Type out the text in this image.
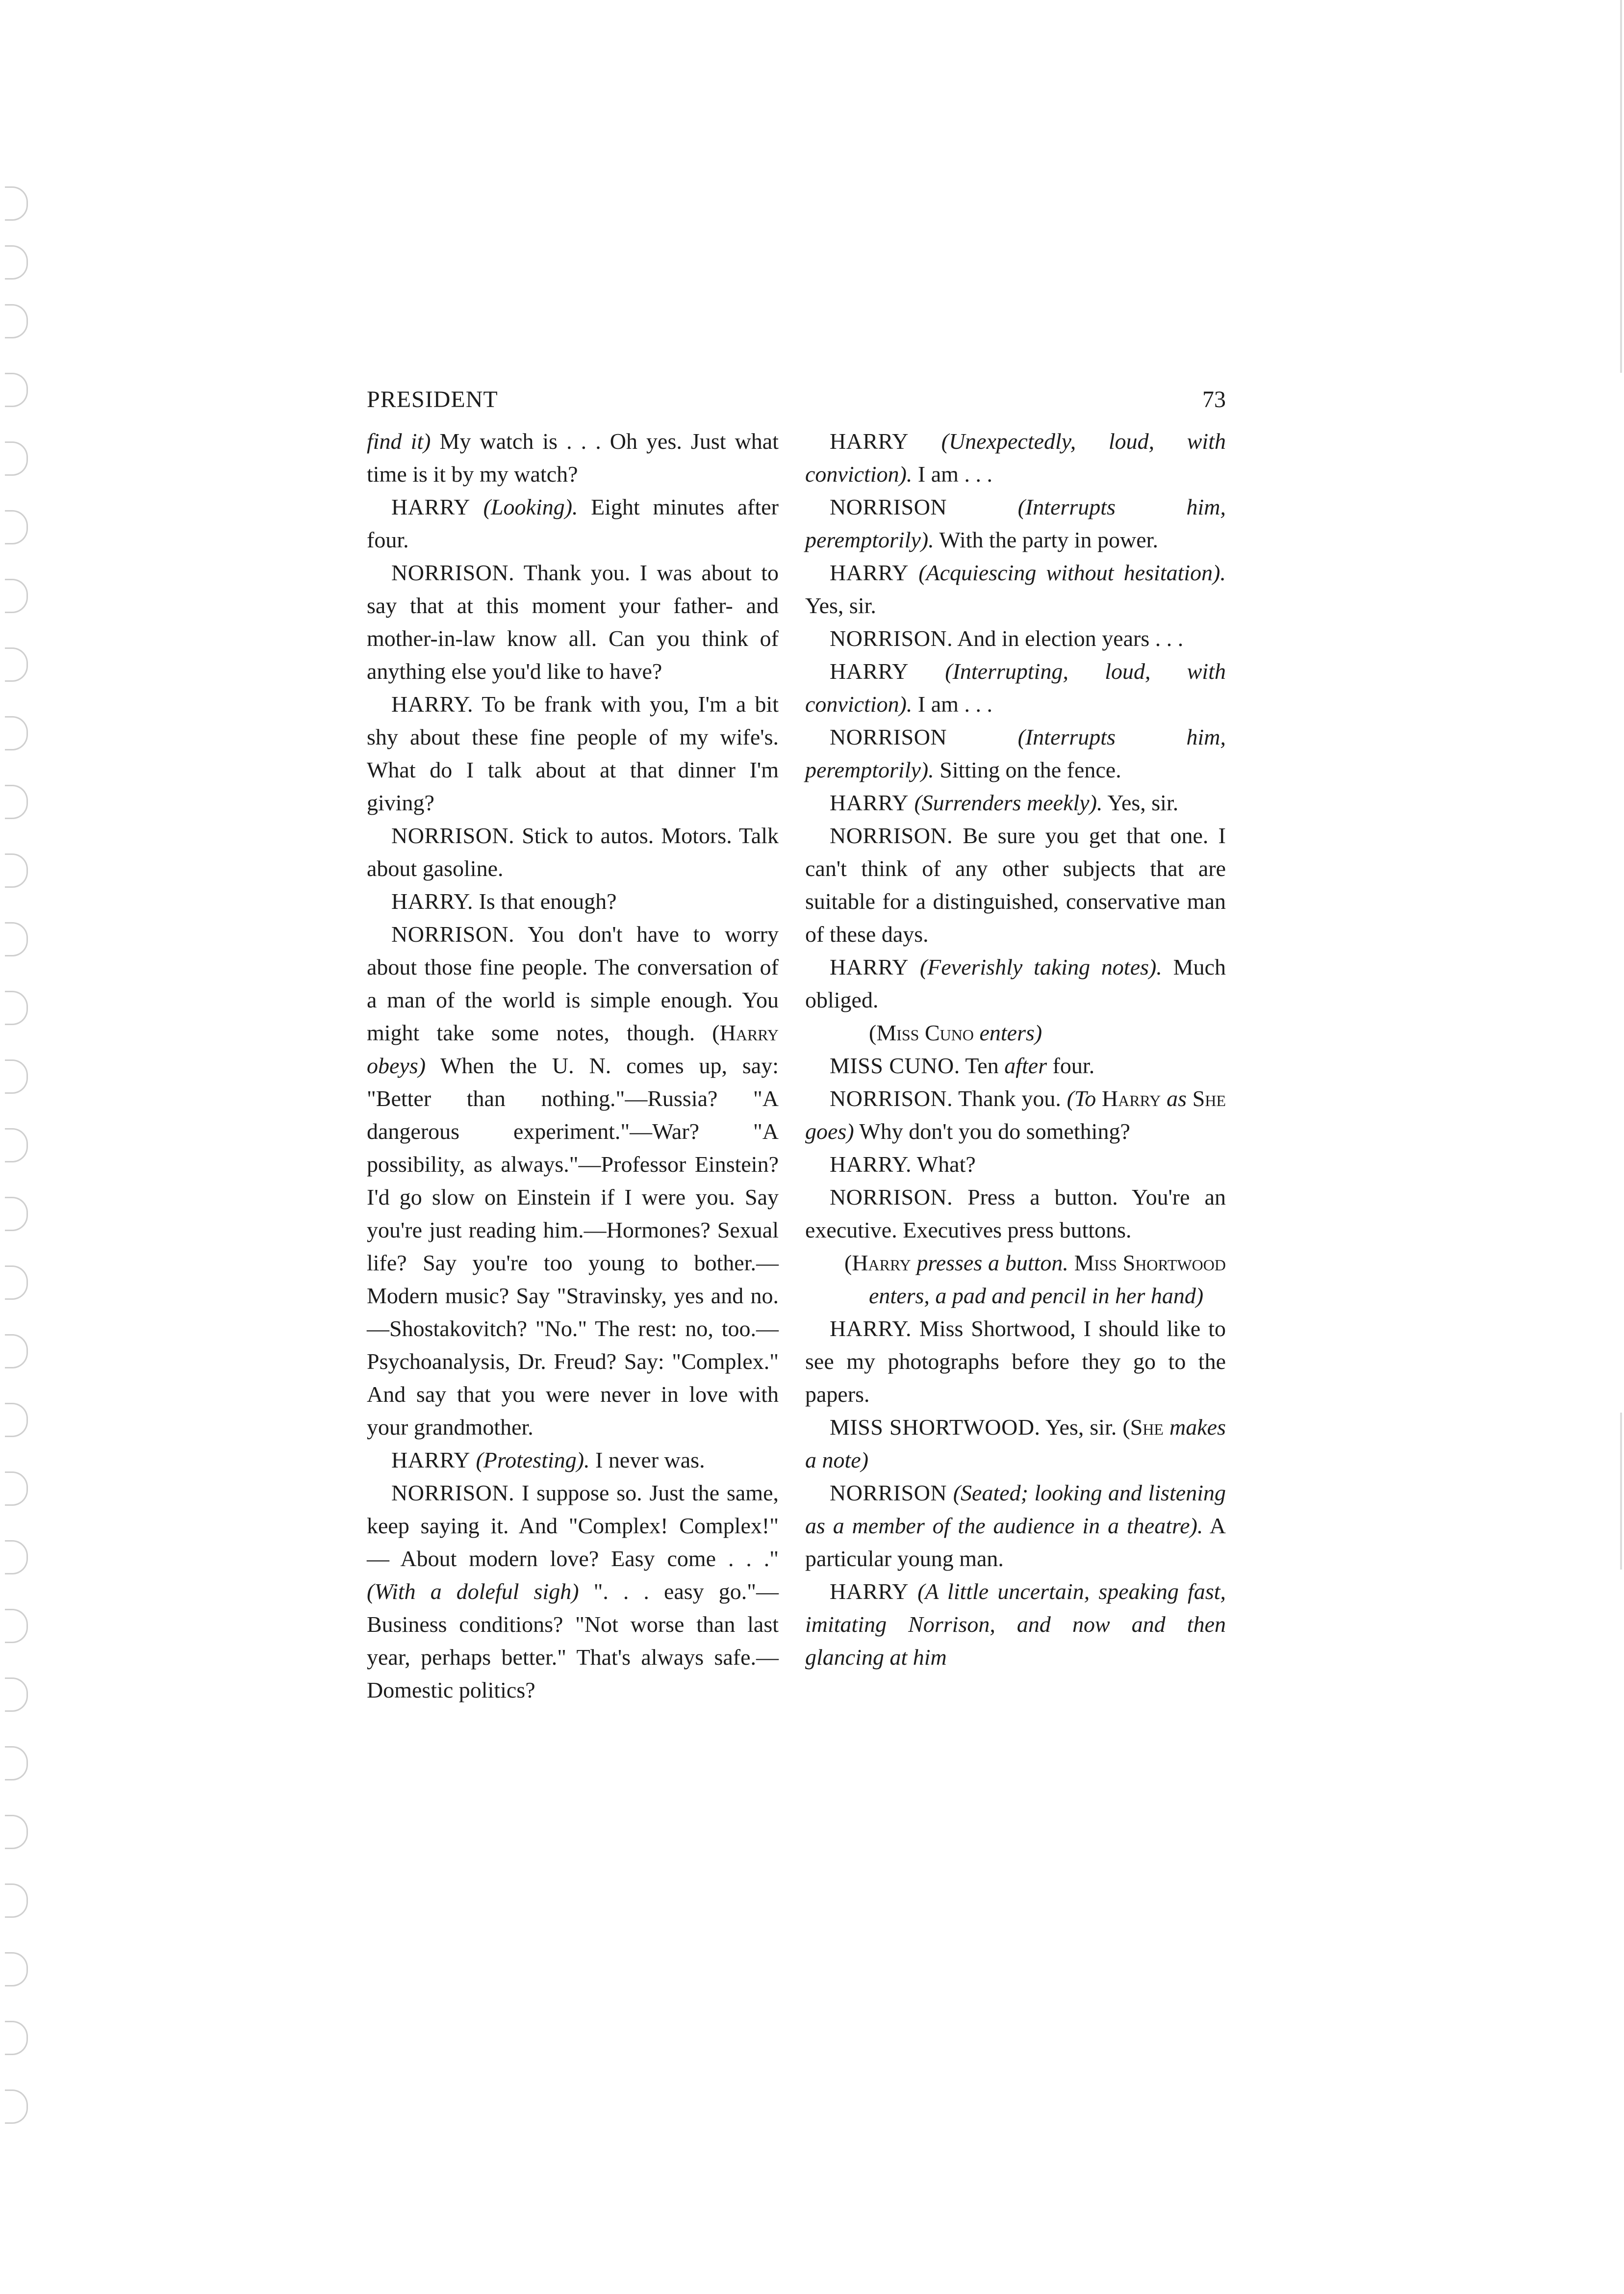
PRESIDENT	73

find it) My watch is . . . Oh yes. Just what time is it by my watch?

HARRY (Looking). Eight minutes after four.

NORRISON. Thank you. I was about to say that at this moment your father- and mother-in-law know all. Can you think of anything else you'd like to have?

HARRY. To be frank with you, I'm a bit shy about these fine people of my wife's. What do I talk about at that dinner I'm giving?

NORRISON. Stick to autos. Motors. Talk about gasoline.

HARRY. Is that enough?

NORRISON. You don't have to worry about those fine people. The conversation of a man of the world is simple enough. You might take some notes, though. (Harry obeys) When the U. N. comes up, say: "Better than nothing."—Russia? "A dangerous experiment."—War? "A possibility, as always."—Professor Einstein? I'd go slow on Einstein if I were you. Say you're just reading him.—Hormones? Sexual life? Say you're too young to bother.—Modern music? Say "Stravinsky, yes and no. —Shostakovitch? "No." The rest: no, too.—Psychoanalysis, Dr. Freud? Say: "Complex." And say that you were never in love with your grandmother.

HARRY (Protesting). I never was.

NORRISON. I suppose so. Just the same, keep saying it. And "Complex! Complex!" — About modern love? Easy come . . ." (With a doleful sigh) ". . . easy go."—Business conditions? "Not worse than last year, perhaps better." That's always safe.— Domestic politics?

HARRY (Unexpectedly, loud, with conviction). I am . . .

NORRISON	(Interrupts him, peremptorily). With the party in power.

HARRY (Acquiescing without hesitation). Yes, sir.

NORRISON. And in election years . . .

HARRY (Interrupting, loud, with conviction). I am . . .

NORRISON	(Interrupts him, peremptorily). Sitting on the fence.

HARRY (Surrenders meekly). Yes, sir.

NORRISON. Be sure you get that one. I can't think of any other subjects that are suitable for a distinguished, conservative man of these days.

HARRY (Feverishly taking notes). Much obliged.

(Miss Cuno enters)

MISS CUNO. Ten after four.

NORRISON. Thank you. (To Harry as She goes) Why don't you do something?

HARRY. What?

NORRISON. Press a button. You're an executive. Executives press buttons.

(Harry presses a button. Miss Shortwood enters, a pad and pencil in her hand)

HARRY. Miss Shortwood, I should like to see my photographs before they go to the papers.

MISS SHORTWOOD. Yes, sir. (She makes a note)

NORRISON (Seated; looking and listening as a member of the audience in a theatre). A particular young man.

HARRY (A little uncertain, speaking fast, imitating Norrison, and now and then glancing at him
